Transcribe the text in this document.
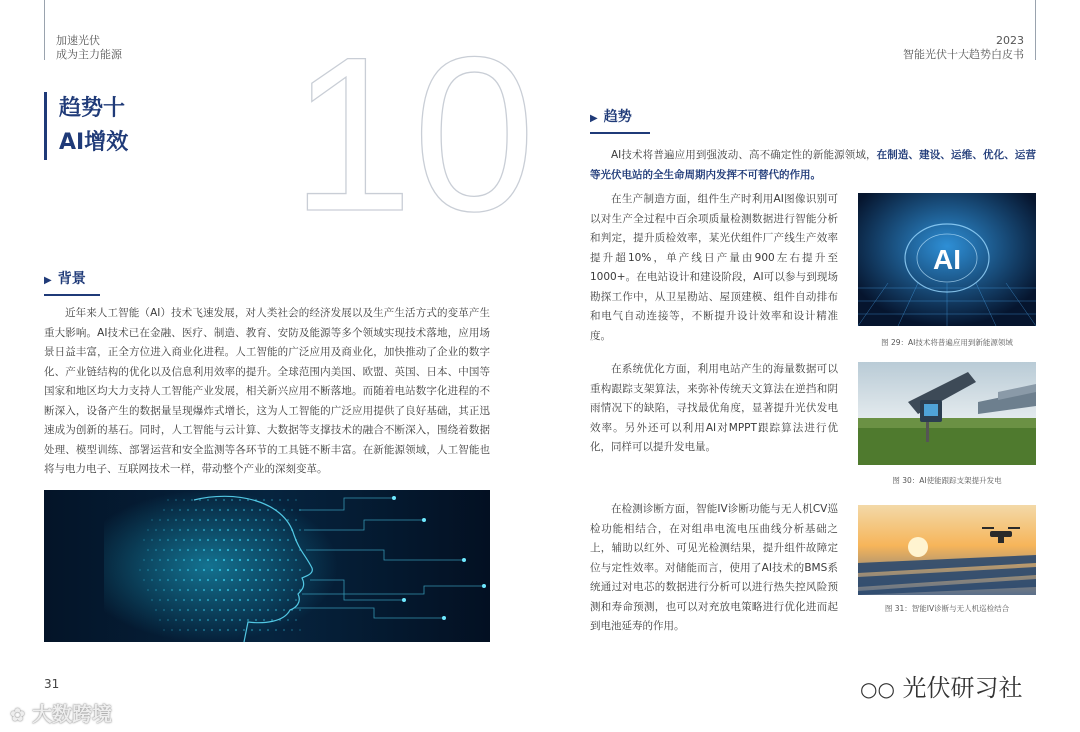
加速光伏
成为主力能源
2023
智能光伏十大趋势白皮书
10
趋势十
AI增效
▶ 背景

近年来人工智能（AI）技术飞速发展，对人类社会的经济发展以及生产生活方式的变革产生重大影响。AI技术已在金融、医疗、制造、教育、安防及能源等多个领域实现技术落地，应用场景日益丰富，正全方位进入商业化进程。人工智能的广泛应用及商业化，加快推动了企业的数字化、产业链结构的优化以及信息利用效率的提升。全球范围内美国、欧盟、英国、日本、中国等国家和地区均大力支持人工智能产业发展，相关新兴应用不断落地。而随着电站数字化进程的不断深入，设备产生的数据量呈现爆炸式增长，这为人工智能的广泛应用提供了良好基础，其正迅速成为创新的基石。同时，人工智能与云计算、大数据等支撑技术的融合不断深入，围绕着数据处理、模型训练、部署运营和安全监测等各环节的工具链不断丰富。在新能源领域，人工智能也将与电力电子、互联网技术一样，带动整个产业的深刻变革。

▶ 趋势

AI技术将普遍应用到强波动、高不确定性的新能源领域，在制造、建设、运维、优化、运营等光伏电站的全生命周期内发挥不可替代的作用。

在生产制造方面，组件生产时利用AI图像识别可以对生产全过程中百余项质量检测数据进行智能分析和判定，提升质检效率，某光伏组件厂产线生产效率提升超10%，单产线日产量由900左右提升至1000+。在电站设计和建设阶段，AI可以参与到现场勘探工作中，从卫星勘站、屋顶建模、组件自动排布和电气自动连接等，不断提升设计效率和设计精准度。

在系统优化方面，利用电站产生的海量数据可以重构跟踪支架算法，来弥补传统天文算法在逆挡和阴雨情况下的缺陷，寻找最优角度，显著提升光伏发电效率。另外还可以利用AI对MPPT跟踪算法进行优化，同样可以提升发电量。

在检测诊断方面，智能IV诊断功能与无人机CV巡检功能相结合，在对组串电流电压曲线分析基础之上，辅助以红外、可见光检测结果，提升组件故障定位与定性效率。对储能而言，使用了AI技术的BMS系统通过对电芯的数据进行分析可以进行热失控风险预测和寿命预测，也可以对充放电策略进行优化进而起到电池延寿的作用。

AI
图 29：AI技术将普遍应用到新能源领域
图 30：AI使能跟踪支架提升发电
图 31：智能IV诊断与无人机巡检结合
31
✿ 大数跨境
○○ 光伏研习社
